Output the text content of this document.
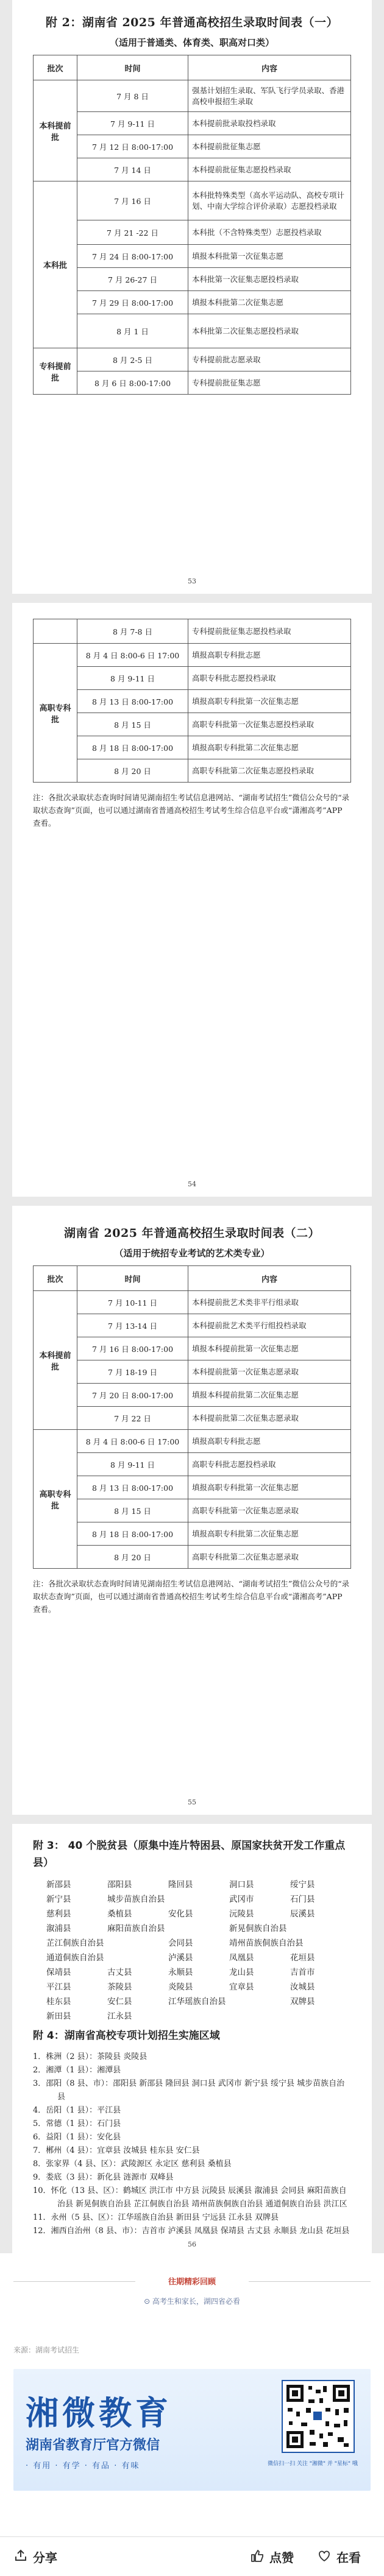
附 2：湖南省 2025 年普通高校招生录取时间表（一）
（适用于普通类、体育类、职高对口类）
批次	时间	内容
本科提前批	7 月 8 日	强基计划招生录取、军队飞行学员录取、香港高校申报招生录取
	7 月 9-11 日	本科提前批录取投档录取
	7 月 12 日 8:00-17:00	本科提前批征集志愿
	7 月 14 日	本科提前批征集志愿投档录取
本科批	7 月 16 日	本科批特殊类型（高水平运动队、高校专项计划、中南大学综合评价录取）志愿投档录取
	7 月 21 -22 日	本科批（不含特殊类型）志愿投档录取
	7 月 24 日 8:00-17:00	填报本科批第一次征集志愿
	7 月 26-27 日	本科批第一次征集志愿投档录取
	7 月 29 日 8:00-17:00	填报本科批第二次征集志愿
	8 月 1 日	本科批第二次征集志愿投档录取
专科提前批	8 月 2-5 日	专科提前批志愿录取
	8 月 6 日 8:00-17:00	专科提前批征集志愿
53
	8 月 7-8 日	专科提前批征集志愿投档录取
高职专科批	8 月 4 日 8:00-6 日 17:00	填报高职专科批志愿
	8 月 9-11 日	高职专科批志愿投档录取
	8 月 13 日 8:00-17:00	填报高职专科批第一次征集志愿
	8 月 15 日	高职专科批第一次征集志愿投档录取
	8 月 18 日 8:00-17:00	填报高职专科批第二次征集志愿
	8 月 20 日	高职专科批第二次征集志愿投档录取
注：各批次录取状态查询时间请见湖南招生考试信息港网站、“湖南考试招生”微信公众号的“录取状态查询”页面，也可以通过湖南省普通高校招生考试考生综合信息平台或“潇湘高考”APP 查看。
54
湖南省 2025 年普通高校招生录取时间表（二）
（适用于统招专业考试的艺术类专业）
批次	时间	内容
本科提前批	7 月 10-11 日	本科提前批艺术类非平行组录取
	7 月 13-14 日	本科提前批艺术类平行组投档录取
	7 月 16 日 8:00-17:00	填报本科提前批第一次征集志愿
	7 月 18-19 日	本科提前批第一次征集志愿录取
	7 月 20 日 8:00-17:00	填报本科提前批第二次征集志愿
	7 月 22 日	本科提前批第二次征集志愿录取
高职专科批	8 月 4 日 8:00-6 日 17:00	填报高职专科批志愿
	8 月 9-11 日	高职专科批志愿投档录取
	8 月 13 日 8:00-17:00	填报高职专科批第一次征集志愿
	8 月 15 日	高职专科批第一次征集志愿录取
	8 月 18 日 8:00-17:00	填报高职专科批第二次征集志愿
	8 月 20 日	高职专科批第二次征集志愿录取
注：各批次录取状态查询时间请见湖南招生考试信息港网站、“湖南考试招生”微信公众号的“录取状态查询”页面，也可以通过湖南省普通高校招生考试考生综合信息平台或“潇湘高考”APP 查看。
55
附 3： 40 个脱贫县（原集中连片特困县、原国家扶贫开发工作重点县）
新邵县	邵阳县	隆回县	洞口县	绥宁县
新宁县	城步苗族自治县	武冈市	石门县
慈利县	桑植县	安化县	沅陵县	辰溪县
溆浦县	麻阳苗族自治县	新晃侗族自治县
芷江侗族自治县	会同县	靖州苗族侗族自治县
通道侗族自治县	泸溪县	凤凰县	花垣县
保靖县	古丈县	永顺县	龙山县	吉首市
平江县	茶陵县	炎陵县	宜章县	汝城县
桂东县	安仁县	江华瑶族自治县	双牌县
新田县	江永县
附 4：湖南省高校专项计划招生实施区域
1．株洲（2 县）：茶陵县 炎陵县
2．湘潭（1 县）：湘潭县
3．邵阳（8 县、市）：邵阳县 新邵县 隆回县 洞口县 武冈市 新宁县 绥宁县 城步苗族自治县
4．岳阳（1 县）：平江县
5．常德（1 县）：石门县
6．益阳（1 县）：安化县
7．郴州（4 县）：宜章县 汝城县 桂东县 安仁县
8．张家界（4 县、区）：武陵源区 永定区 慈利县 桑植县
9．娄底（3 县）：新化县 涟源市 双峰县
10．怀化（13 县、区）：鹤城区 洪江市 中方县 沅陵县 辰溪县 溆浦县 会同县 麻阳苗族自治县 新晃侗族自治县 芷江侗族自治县 靖州苗族侗族自治县 通道侗族自治县 洪江区
11．永州（5 县、区）：江华瑶族自治县 新田县 宁远县 江永县 双牌县
12．湘西自治州（8 县、市）：吉首市 泸溪县 凤凰县 保靖县 古丈县 永顺县 龙山县 花垣县
56
往期精彩回顾
⊙ 高考生和家长，湖四省必看
来源：湖南考试招生
湘微教育
湖南省教育厅官方微信
· 有用 · 有学 · 有品 · 有味	微信扫一扫 关注 "湘微" 并 "星标" 哦
分享	点赞	在看
